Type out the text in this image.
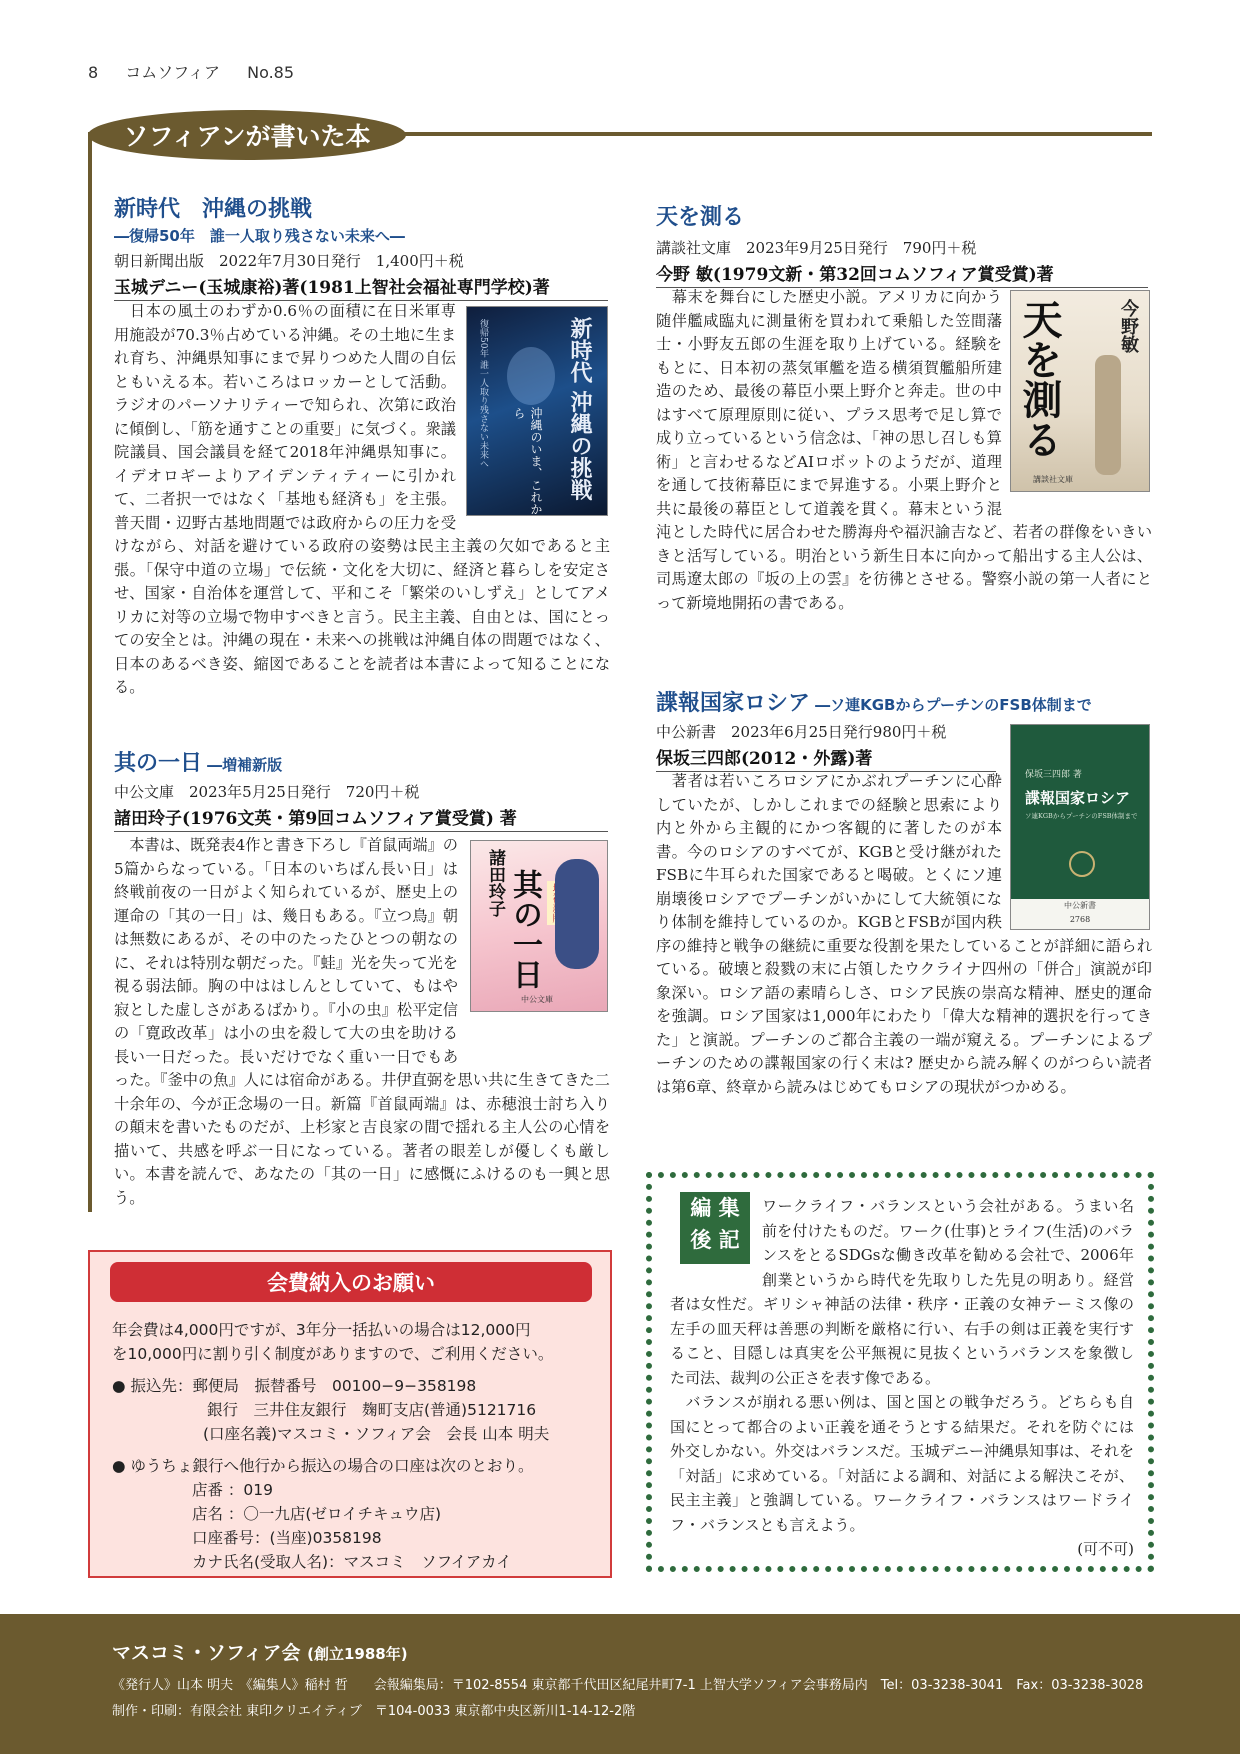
8 コムソフィア No.85
ソフィアンが書いた本
新時代　沖縄の挑戦
―復帰50年　誰一人取り残さない未来へ―
朝日新聞出版　2022年7月30日発行　1,400円＋税
玉城デニー(玉城康裕)著(1981上智社会福祉専門学校)著
新時代 沖縄の挑戦
復帰50年 誰一人取り残さない未来へ	沖縄のいま、これから
　日本の風土のわずか0.6％の面積に在日米軍専用施設が70.3％占めている沖縄。その土地に生まれ育ち、沖縄県知事にまで昇りつめた人間の自伝ともいえる本。若いころはロッカーとして活動。ラジオのパーソナリティーで知られ、次第に政治に傾倒し、「筋を通すことの重要」に気づく。衆議院議員、国会議員を経て2018年沖縄県知事に。イデオロギーよりアイデンティティーに引かれて、二者択一ではなく「基地も経済も」を主張。普天間・辺野古基地問題では政府からの圧力を受けながら、対話を避けている政府の姿勢は民主主義の欠如であると主張。「保守中道の立場」で伝統・文化を大切に、経済と暮らしを安定させ、国家・自治体を運営して、平和こそ「繁栄のいしずえ」としてアメリカに対等の立場で物申すべきと言う。民主主義、自由とは、国にとっての安全とは。沖縄の現在・未来への挑戦は沖縄自体の問題ではなく、日本のあるべき姿、縮図であることを読者は本書によって知ることになる。
其の一日 ―増補新版
中公文庫　2023年5月25日発行　720円＋税
諸田玲子(1976文英・第9回コムソフィア賞受賞) 著
諸田玲子 其の一日
中公文庫
　本書は、既発表4作と書き下ろし『首鼠両端』の5篇からなっている。「日本のいちばん長い日」は終戦前夜の一日がよく知られているが、歴史上の運命の「其の一日」は、幾日もある。『立つ鳥』朝は無数にあるが、その中のたったひとつの朝なのに、それは特別な朝だった。『蛙』光を失って光を視る弱法師。胸の中ははしんとしていて、もはや寂とした虚しさがあるばかり。『小の虫』松平定信の「寛政改革」は小の虫を殺して大の虫を助ける長い一日だった。長いだけでなく重い一日でもあった。『釜中の魚』人には宿命がある。井伊直弼を思い共に生きてきた二十余年の、今が正念場の一日。新篇『首鼠両端』は、赤穂浪士討ち入りの顛末を書いたものだが、上杉家と吉良家の間で揺れる主人公の心情を描いて、共感を呼ぶ一日になっている。著者の眼差しが優しくも厳しい。本書を読んで、あなたの「其の一日」に感慨にふけるのも一興と思う。
天を測る
講談社文庫　2023年9月25日発行　790円＋税
今野 敏(1979文新・第32回コムソフィア賞受賞)著
今野敏
天を測る
講談社文庫
　幕末を舞台にした歴史小説。アメリカに向かう随伴艦咸臨丸に測量術を買われて乗船した笠間藩士・小野友五郎の生涯を取り上げている。経験をもとに、日本初の蒸気軍艦を造る横須賀艦船所建造のため、最後の幕臣小栗上野介と奔走。世の中はすべて原理原則に従い、プラス思考で足し算で成り立っているという信念は、「神の思し召しも算術」と言わせるなどAIロボットのようだが、道理を通して技術幕臣にまで昇進する。小栗上野介と共に最後の幕臣として道義を貫く。幕末という混沌とした時代に居合わせた勝海舟や福沢諭吉など、若者の群像をいきいきと活写している。明治という新生日本に向かって船出する主人公は、司馬遼太郎の『坂の上の雲』を彷彿とさせる。警察小説の第一人者にとって新境地開拓の書である。
諜報国家ロシア ―ソ連KGBからプーチンのFSB体制まで
中公新書　2023年6月25日発行980円＋税
保坂三四郎(2012・外露)著
保坂三四郎 著
諜報国家ロシア
ソ連KGBからプーチンのFSB体制まで
中公新書
2768
　著者は若いころロシアにかぶれプーチンに心酔していたが、しかしこれまでの経験と思索により内と外から主観的にかつ客観的に著したのが本書。今のロシアのすべてが、KGBと受け継がれたFSBに牛耳られた国家であると喝破。とくにソ連崩壊後ロシアでプーチンがいかにして大統領になり体制を維持しているのか。KGBとFSBが国内秩序の維持と戦争の継続に重要な役割を果たしていることが詳細に語られている。破壊と殺戮の末に占領したウクライナ四州の「併合」演説が印象深い。ロシア語の素晴らしさ、ロシア民族の崇高な精神、歴史的運命を強調。ロシア国家は1,000年にわたり「偉大な精神的選択を行ってきた」と演説。プーチンのご都合主義の一端が窺える。プーチンによるプーチンのための諜報国家の行く末は? 歴史から読み解くのがつらい読者は第6章、終章から読みはじめてもロシアの現状がつかめる。
会費納入のお願い

年会費は4,000円ですが、3年分一括払いの場合は12,000円

を10,000円に割り引く制度がありますので、ご利用ください。

● 振込先：郵便局　振替番号　00100−9−358198

銀行　三井住友銀行　麹町支店(普通)5121716

(口座名義)マスコミ・ソフィア会　会長 山本 明夫

● ゆうちょ銀行へ他行から振込の場合の口座は次のとおり。

店番 ：019

店名 ：〇一九店(ゼロイチキュウ店)

口座番号：(当座)0358198

カナ氏名(受取人名)：マスコミ　ソフイアカイ

編 集
後 記
ワークライフ・バランスという会社がある。うまい名前を付けたものだ。ワーク(仕事)とライフ(生活)のバランスをとるSDGsな働き改革を勧める会社で、2006年創業というから時代を先取りした先見の明あり。経営者は女性だ。ギリシャ神話の法律・秩序・正義の女神テーミス像の左手の皿天秤は善悪の判断を厳格に行い、右手の剣は正義を実行すること、目隠しは真実を公平無視に見抜くというバランスを象徴した司法、裁判の公正さを表す像である。
　バランスが崩れる悪い例は、国と国との戦争だろう。どちらも自国にとって都合のよい正義を通そうとする結果だ。それを防ぐには外交しかない。外交はバランスだ。玉城デニー沖縄県知事は、それを「対話」に求めている。「対話による調和、対話による解決こそが、民主主義」と強調している。ワークライフ・バランスはワードライフ・バランスとも言えよう。
(可不可)
マスコミ・ソフィア会 (創立1988年)
《発行人》山本 明夫　《編集人》稲村 哲　　会報編集局：〒102-8554 東京都千代田区紀尾井町7-1 上智大学ソフィア会事務局内　Tel：03-3238-3041　Fax：03-3238-3028
制作・印刷：有限会社 東印クリエイティブ　〒104-0033 東京都中央区新川1-14-12-2階
